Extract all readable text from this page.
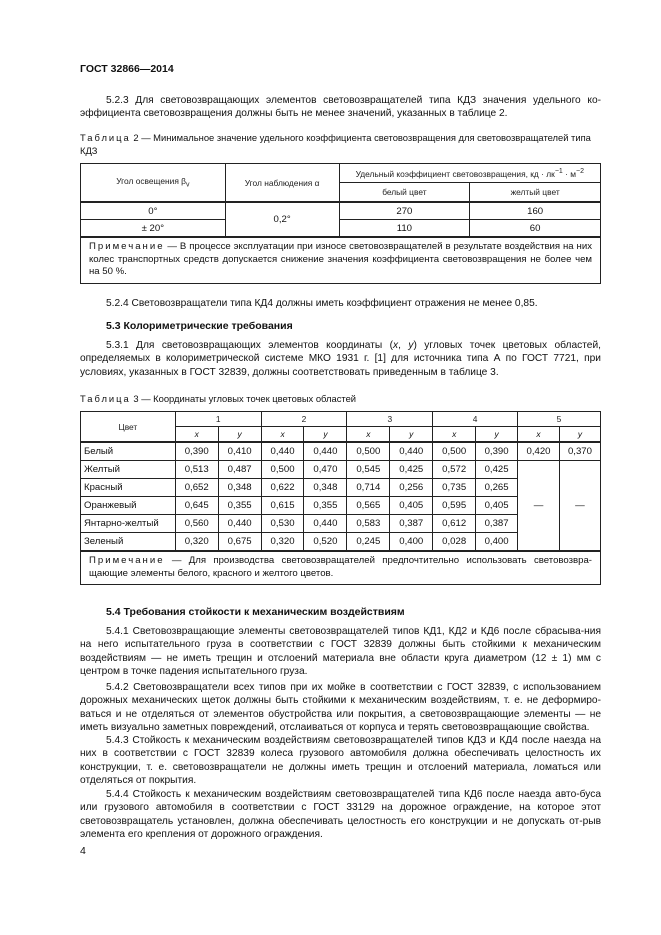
ГОСТ 32866—2014
5.2.3 Для световозвращающих элементов световозвращателей типа КДЗ значения удельного ко-эффициента световозвращения должны быть не менее значений, указанных в таблице 2.
Таблица 2 — Минимальное значение удельного коэффициента световозвращения для световозвращателей типа КДЗ
Угол освещения $\beta_v$	Угол наблюдения α	Удельный коэффициент световозвращения, кд · $лк^{-1} \cdot м^{-2}$
		белый цвет	желтый цвет
0°	0,2°	270	160
± 20°		110	60
Примечание — В процессе эксплуатации при износе световозвращателей в результате воздействия на них колес транспортных средств допускается снижение значения коэффициента световозвращения не более чем на 50 %.			
5.2.4 Световозвращатели типа КД4 должны иметь коэффициент отражения не менее 0,85.
5.3 Колориметрические требования
5.3.1 Для световозвращающих элементов координаты (x, y) угловых точек цветовых областей, определяемых в колориметрической системе МКО 1931 г. [1] для источника типа А по ГОСТ 7721, при условиях, указанных в ГОСТ 32839, должны соответствовать приведенным в таблице 3.
Таблица 3 — Координаты угловых точек цветовых областей
Цвет	1		2		3		4		5	
	x	y	x	y	x	y	x	y	x	y
Белый	0,390	0,410	0,440	0,440	0,500	0,440	0,500	0,390	0,420	0,370
Желтый	0,513	0,487	0,500	0,470	0,545	0,425	0,572	0,425	—	—
Красный	0,652	0,348	0,622	0,348	0,714	0,256	0,735	0,265		
Оранжевый	0,645	0,355	0,615	0,355	0,565	0,405	0,595	0,405		
Янтарно-желтый	0,560	0,440	0,530	0,440	0,583	0,387	0,612	0,387		
Зеленый	0,320	0,675	0,320	0,520	0,245	0,400	0,028	0,400		
Примечание — Для производства световозвращателей предпочтительно использовать световозвра-щающие элементы белого, красного и желтого цветов.										
5.4 Требования стойкости к механическим воздействиям
5.4.1 Световозвращающие элементы световозвращателей типов КД1, КД2 и КД6 после сбрасыва-ния на него испытательного груза в соответствии с ГОСТ 32839 должны быть стойкими к механическим воздействиям — не иметь трещин и отслоений материала вне области круга диаметром (12 ± 1) мм с центром в точке падения испытательного груза.
5.4.2 Световозвращатели всех типов при их мойке в соответствии с ГОСТ 32839, с использованием дорожных механических щеток должны быть стойкими к механическим воздействиям, т. е. не деформиро-ваться и не отделяться от элементов обустройства или покрытия, а световозвращающие элементы — не иметь визуально заметных повреждений, отслаиваться от корпуса и терять световозвращающие свойства.
5.4.3 Стойкость к механическим воздействиям световозвращателей типов КДЗ и КД4 после наезда на них в соответствии с ГОСТ 32839 колеса грузового автомобиля должна обеспечивать целостность их конструкции, т. е. световозвращатели не должны иметь трещин и отслоений материала, ломаться или отделяться от покрытия.
5.4.4 Стойкость к механическим воздействиям световозвращателей типа КД6 после наезда авто-буса или грузового автомобиля в соответствии с ГОСТ 33129 на дорожное ограждение, на которое этот световозвращатель установлен, должна обеспечивать целостность его конструкции и не допускать от-рыв элемента его крепления от дорожного ограждения.
4
